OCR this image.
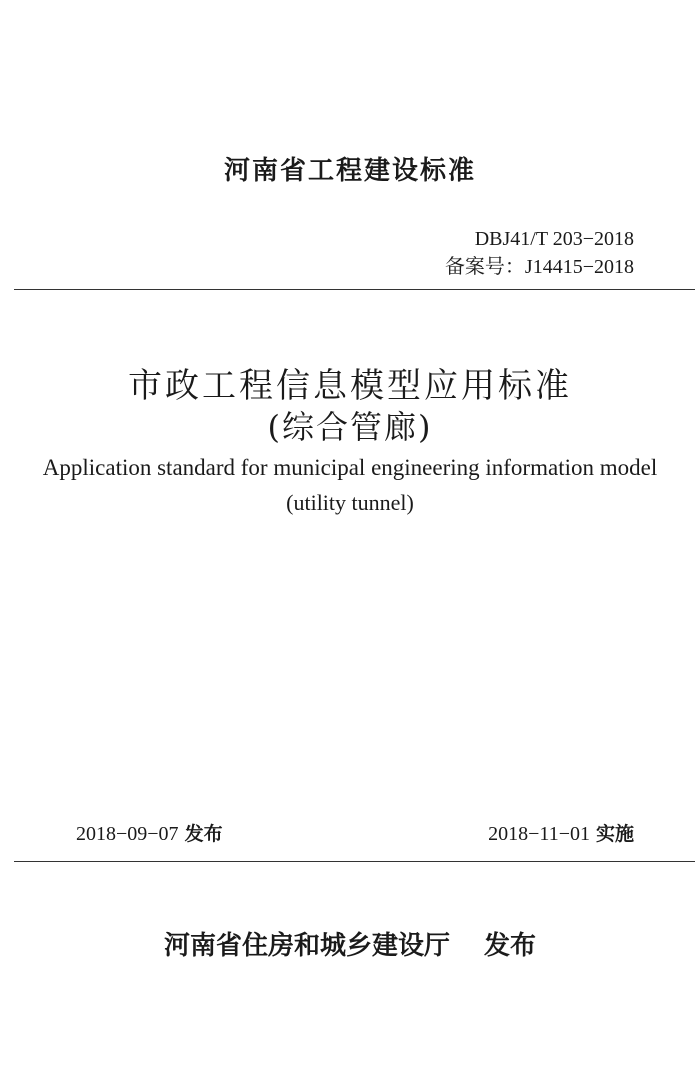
河南省工程建设标准
DBJ41/T 203−2018
备案号：J14415−2018
市政工程信息模型应用标准
(综合管廊)
Application standard for municipal engineering information model
(utility tunnel)
2018−09−07 发布	2018−11−01 实施
河南省住房和城乡建设厅 发布
